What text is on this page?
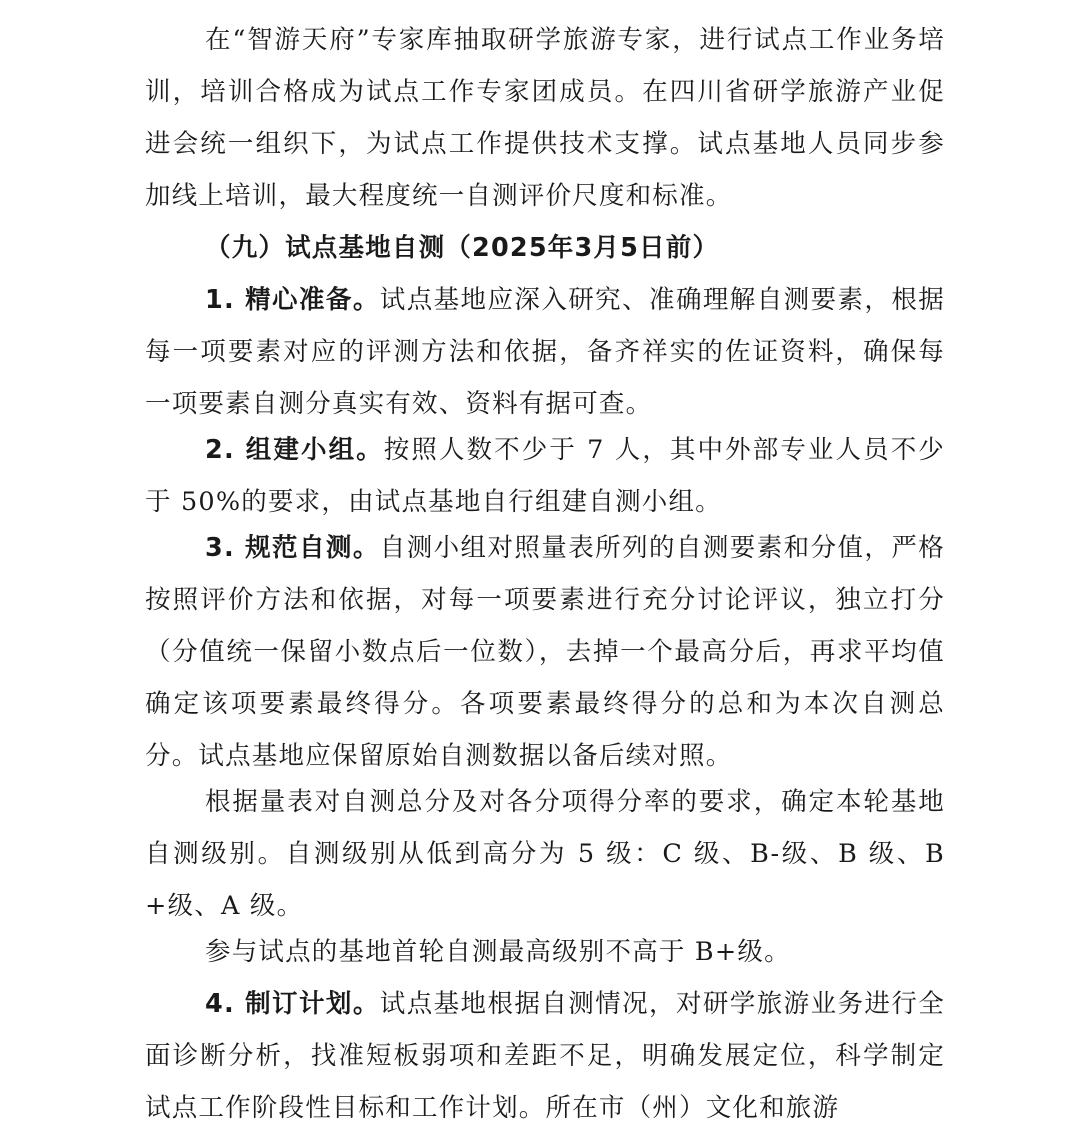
在“智游天府”专家库抽取研学旅游专家，进行试点工作业务培训，培训合格成为试点工作专家团成员。在四川省研学旅游产业促进会统一组织下，为试点工作提供技术支撑。试点基地人员同步参加线上培训，最大程度统一自测评价尺度和标准。

（九）试点基地自测（2025年3月5日前）

1. 精心准备。试点基地应深入研究、准确理解自测要素，根据每一项要素对应的评测方法和依据，备齐祥实的佐证资料，确保每一项要素自测分真实有效、资料有据可查。

2. 组建小组。按照人数不少于 7 人，其中外部专业人员不少于 50%的要求，由试点基地自行组建自测小组。

3. 规范自测。自测小组对照量表所列的自测要素和分值，严格按照评价方法和依据，对每一项要素进行充分讨论评议，独立打分（分值统一保留小数点后一位数），去掉一个最高分后，再求平均值确定该项要素最终得分。各项要素最终得分的总和为本次自测总分。试点基地应保留原始自测数据以备后续对照。

根据量表对自测总分及对各分项得分率的要求，确定本轮基地自测级别。自测级别从低到高分为 5 级：C 级、B-级、B 级、B+级、A 级。

参与试点的基地首轮自测最高级别不高于 B+级。

4. 制订计划。试点基地根据自测情况，对研学旅游业务进行全面诊断分析，找准短板弱项和差距不足，明确发展定位，科学制定试点工作阶段性目标和工作计划。所在市（州）文化和旅游
